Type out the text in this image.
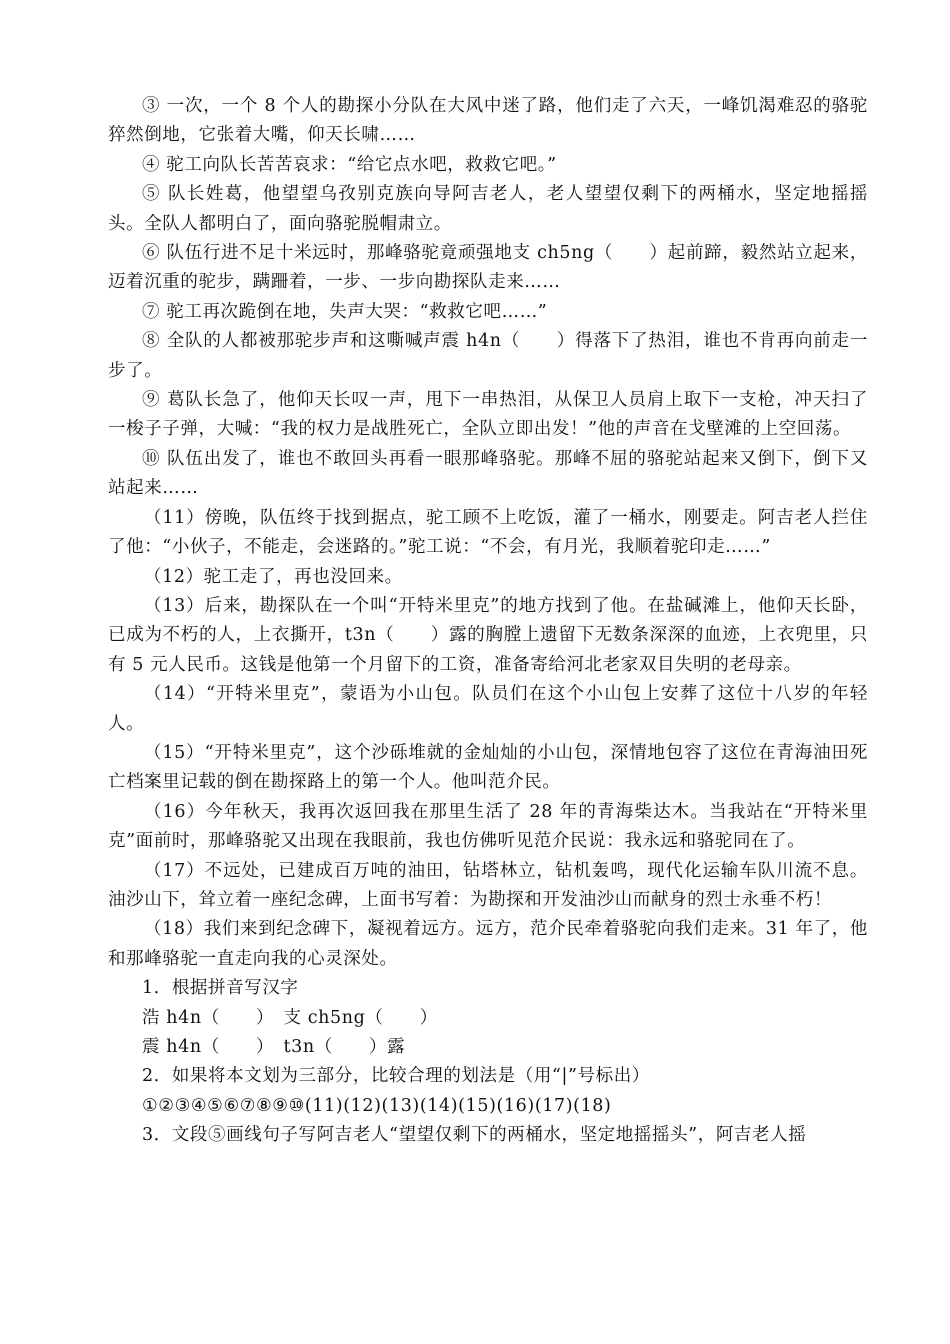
③ 一次，一个 8 个人的勘探小分队在大风中迷了路，他们走了六天，一峰饥渴难忍的骆驼猝然倒地，它张着大嘴，仰天长啸……

④ 驼工向队长苦苦哀求：“给它点水吧，救救它吧。”

⑤ 队长姓葛，他望望乌孜别克族向导阿吉老人，老人望望仅剩下的两桶水，坚定地摇摇头。全队人都明白了，面向骆驼脱帽肃立。

⑥ 队伍行进不足十米远时，那峰骆驼竟顽强地支 ch5ng（　　）起前蹄，毅然站立起来，迈着沉重的驼步，蹒跚着，一步、一步向勘探队走来……

⑦ 驼工再次跪倒在地，失声大哭：“救救它吧……”

⑧ 全队的人都被那驼步声和这嘶喊声震 h4n（　　）得落下了热泪，谁也不肯再向前走一步了。

⑨ 葛队长急了，他仰天长叹一声，甩下一串热泪，从保卫人员肩上取下一支枪，冲天扫了一梭子子弹，大喊：“我的权力是战胜死亡，全队立即出发！”他的声音在戈壁滩的上空回荡。

⑩ 队伍出发了，谁也不敢回头再看一眼那峰骆驼。那峰不屈的骆驼站起来又倒下，倒下又站起来……

（11）傍晚，队伍终于找到据点，驼工顾不上吃饭，灌了一桶水，刚要走。阿吉老人拦住了他：“小伙子，不能走，会迷路的。”驼工说：“不会，有月光，我顺着驼印走……”

（12）驼工走了，再也没回来。

（13）后来，勘探队在一个叫“开特米里克”的地方找到了他。在盐碱滩上，他仰天长卧，已成为不朽的人，上衣撕开，t3n（　　）露的胸膛上遗留下无数条深深的血迹，上衣兜里，只有 5 元人民币。这钱是他第一个月留下的工资，准备寄给河北老家双目失明的老母亲。

（14）“开特米里克”，蒙语为小山包。队员们在这个小山包上安葬了这位十八岁的年轻人。

（15）“开特米里克”，这个沙砾堆就的金灿灿的小山包，深情地包容了这位在青海油田死亡档案里记载的倒在勘探路上的第一个人。他叫范介民。

（16）今年秋天，我再次返回我在那里生活了 28 年的青海柴达木。当我站在“开特米里克”面前时，那峰骆驼又出现在我眼前，我也仿佛听见范介民说：我永远和骆驼同在了。

（17）不远处，已建成百万吨的油田，钻塔林立，钻机轰鸣，现代化运输车队川流不息。油沙山下，耸立着一座纪念碑，上面书写着：为勘探和开发油沙山而献身的烈士永垂不朽！

（18）我们来到纪念碑下，凝视着远方。远方，范介民牵着骆驼向我们走来。31 年了，他和那峰骆驼一直走向我的心灵深处。

1．根据拼音写汉字

浩 h4n（　　）　支 ch5ng（　　）

震 h4n（　　）　t3n（　　）露

2．如果将本文划为三部分，比较合理的划法是（用“|”号标出）

①②③④⑤⑥⑦⑧⑨⑩(11)(12)(13)(14)(15)(16)(17)(18)

3．文段⑤画线句子写阿吉老人“望望仅剩下的两桶水，坚定地摇摇头”，阿吉老人摇
